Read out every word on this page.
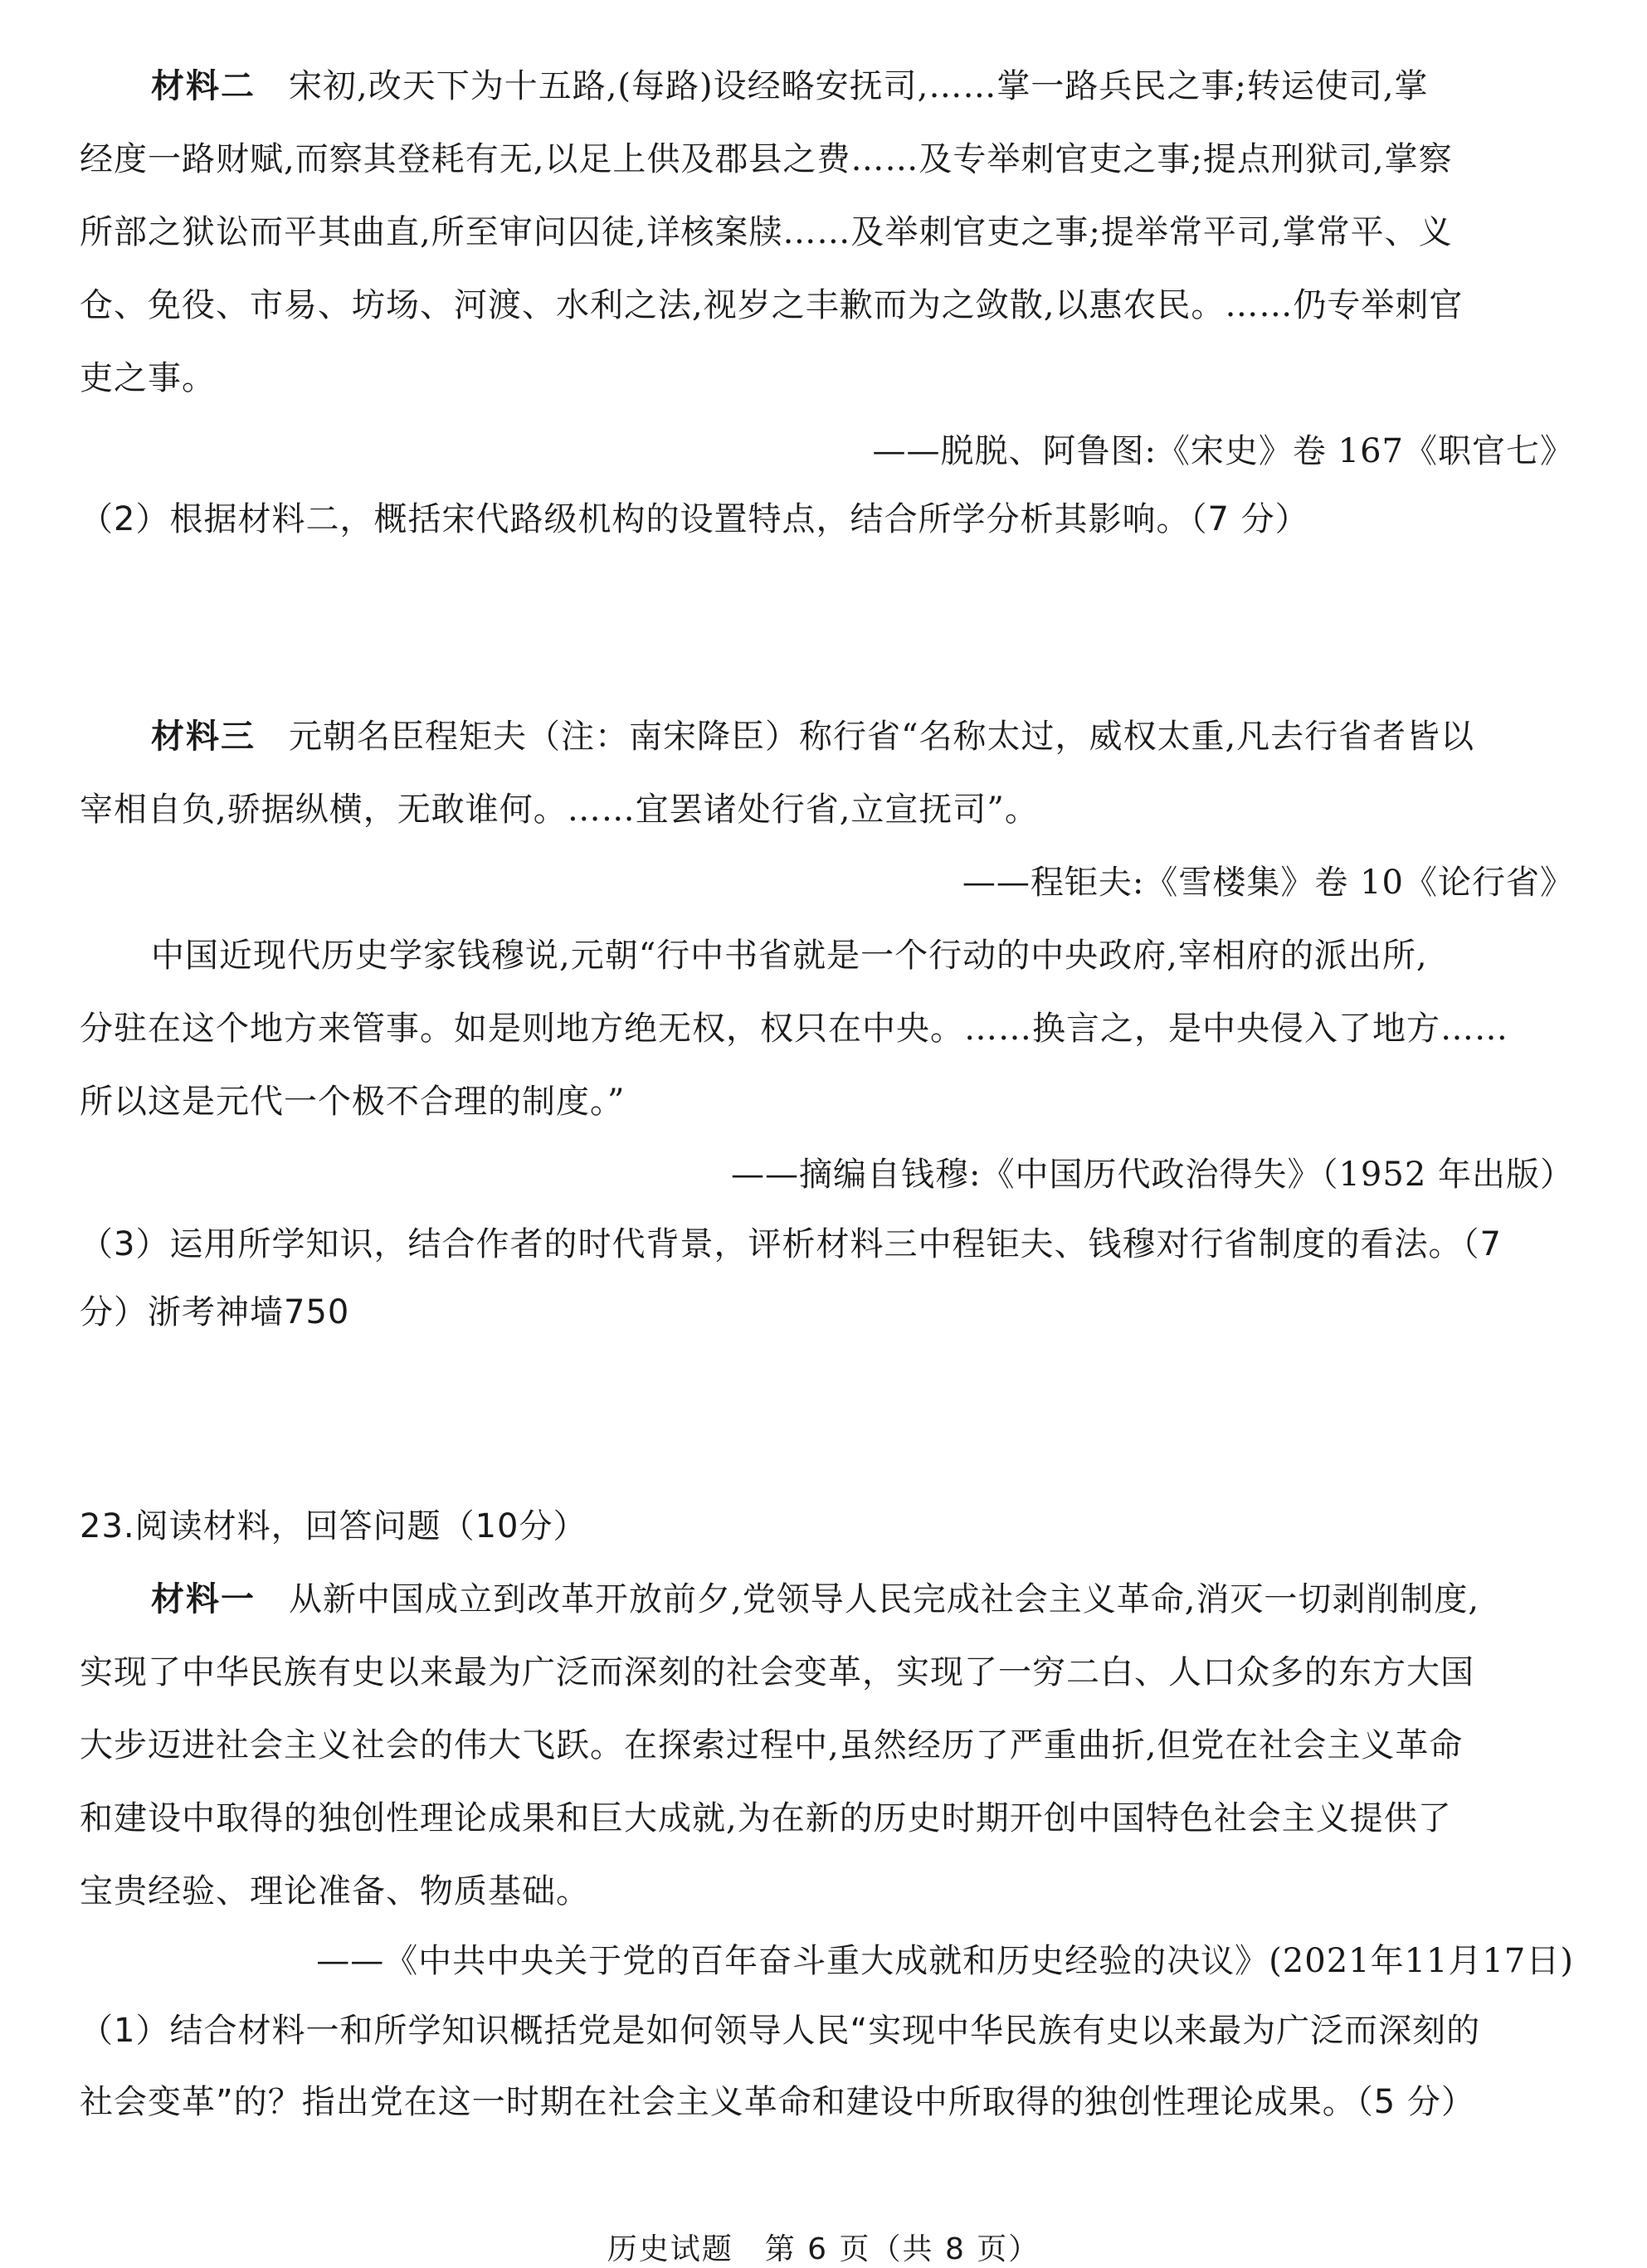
材料二 宋初,改天下为十五路,(每路)设经略安抚司,……掌一路兵民之事;转运使司,掌
经度一路财赋,而察其登耗有无,以足上供及郡县之费……及专举刺官吏之事;提点刑狱司,掌察
所部之狱讼而平其曲直,所至审问囚徒,详核案牍……及举刺官吏之事;提举常平司,掌常平、义
仓、免役、市易、坊场、河渡、水利之法,视岁之丰歉而为之敛散,以惠农民。……仍专举刺官
吏之事。
——脱脱、阿鲁图:《宋史》卷 167《职官七》
（2）根据材料二，概括宋代路级机构的设置特点，结合所学分析其影响。（7 分）
材料三 元朝名臣程矩夫（注：南宋降臣）称行省“名称太过，威权太重,凡去行省者皆以
宰相自负,骄据纵横，无敢谁何。……宜罢诸处行省,立宣抚司”。
——程钜夫:《雪楼集》卷 10《论行省》
中国近现代历史学家钱穆说,元朝“行中书省就是一个行动的中央政府,宰相府的派出所,
分驻在这个地方来管事。如是则地方绝无权，权只在中央。……换言之，是中央侵入了地方……
所以这是元代一个极不合理的制度。”
——摘编自钱穆:《中国历代政治得失》（1952 年出版）
（3）运用所学知识，结合作者的时代背景，评析材料三中程钜夫、钱穆对行省制度的看法。（7
分）浙考神墙750
23.阅读材料，回答问题（10分）
材料一 从新中国成立到改革开放前夕,党领导人民完成社会主义革命,消灭一切剥削制度,
实现了中华民族有史以来最为广泛而深刻的社会变革，实现了一穷二白、人口众多的东方大国
大步迈进社会主义社会的伟大飞跃。在探索过程中,虽然经历了严重曲折,但党在社会主义革命
和建设中取得的独创性理论成果和巨大成就,为在新的历史时期开创中国特色社会主义提供了
宝贵经验、理论准备、物质基础。
——《中共中央关于党的百年奋斗重大成就和历史经验的决议》(2021年11月17日)
（1）结合材料一和所学知识概括党是如何领导人民“实现中华民族有史以来最为广泛而深刻的
社会变革”的？指出党在这一时期在社会主义革命和建设中所取得的独创性理论成果。（5 分）
历史试题　第 6 页（共 8 页）
